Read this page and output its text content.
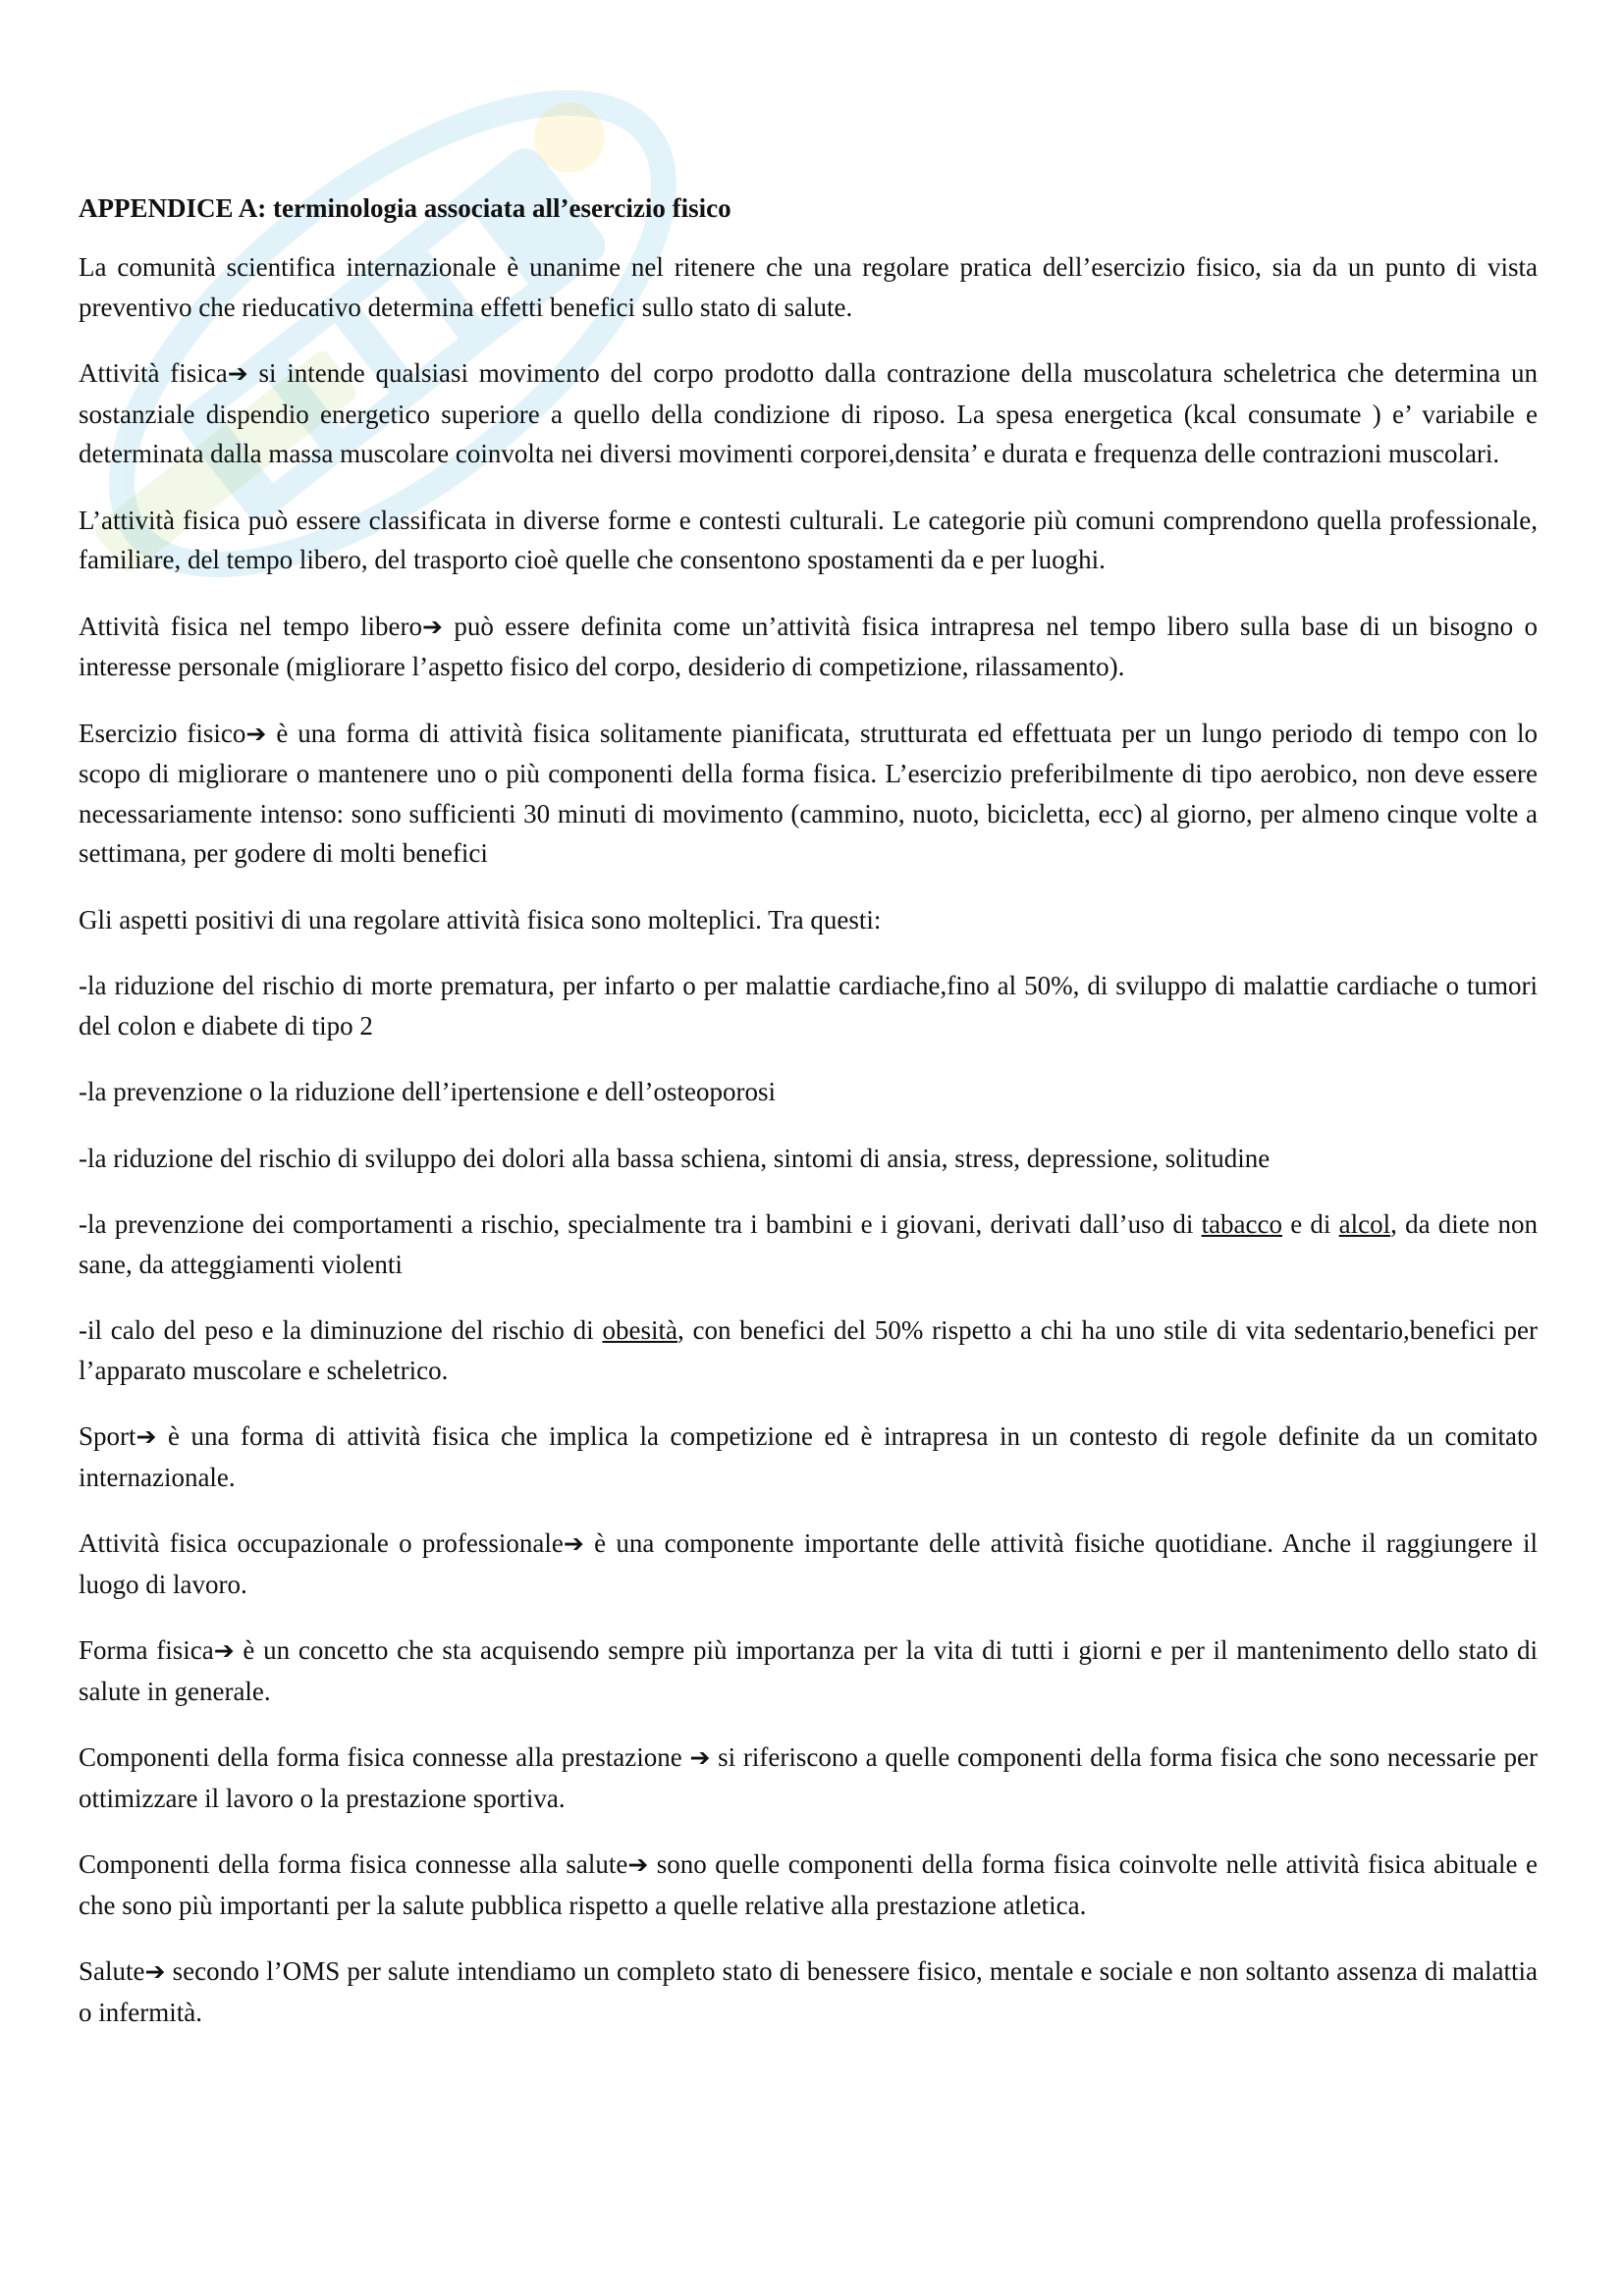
APPENDICE A: terminologia associata all’esercizio fisico

La comunità scientifica internazionale è unanime nel ritenere che una regolare pratica dell’esercizio fisico, sia da un punto di vista preventivo che rieducativo determina effetti benefici sullo stato di salute.

Attività fisica➔ si intende qualsiasi movimento del corpo prodotto dalla contrazione della muscolatura scheletrica che determina un sostanziale dispendio energetico superiore a quello della condizione di riposo. La spesa energetica (kcal consumate ) e’ variabile e determinata dalla massa muscolare coinvolta nei diversi movimenti corporei,densita’ e durata e frequenza delle contrazioni muscolari.

L’attività fisica può essere classificata in diverse forme e contesti culturali. Le categorie più comuni comprendono quella professionale, familiare, del tempo libero, del trasporto cioè quelle che consentono spostamenti da e per luoghi.

Attività fisica nel tempo libero➔ può essere definita come un’attività fisica intrapresa nel tempo libero sulla base di un bisogno o interesse personale (migliorare l’aspetto fisico del corpo, desiderio di competizione, rilassamento).

Esercizio fisico➔ è una forma di attività fisica solitamente pianificata, strutturata ed effettuata per un lungo periodo di tempo con lo scopo di migliorare o mantenere uno o più componenti della forma fisica. L’esercizio preferibilmente di tipo aerobico, non deve essere necessariamente intenso: sono sufficienti 30 minuti di movimento (cammino, nuoto, bicicletta, ecc) al giorno, per almeno cinque volte a settimana, per godere di molti benefici

Gli aspetti positivi di una regolare attività fisica sono molteplici. Tra questi:

-la riduzione del rischio di morte prematura, per infarto o per malattie cardiache,fino al 50%, di sviluppo di malattie cardiache o tumori del colon e diabete di tipo 2

-la prevenzione o la riduzione dell’ipertensione e dell’osteoporosi

-la riduzione del rischio di sviluppo dei dolori alla bassa schiena, sintomi di ansia, stress, depressione, solitudine

-la prevenzione dei comportamenti a rischio, specialmente tra i bambini e i giovani, derivati dall’uso di tabacco e di alcol, da diete non sane, da atteggiamenti violenti

-il calo del peso e la diminuzione del rischio di obesità, con benefici del 50% rispetto a chi ha uno stile di vita sedentario,benefici per l’apparato muscolare e scheletrico.

Sport➔ è una forma di attività fisica che implica la competizione ed è intrapresa in un contesto di regole definite da un comitato internazionale.

Attività fisica occupazionale o professionale➔ è una componente importante delle attività fisiche quotidiane. Anche il raggiungere il luogo di lavoro.

Forma fisica➔ è un concetto che sta acquisendo sempre più importanza per la vita di tutti i giorni e per il mantenimento dello stato di salute in generale.

Componenti della forma fisica connesse alla prestazione ➔ si riferiscono a quelle componenti della forma fisica che sono necessarie per ottimizzare il lavoro o la prestazione sportiva.

Componenti della forma fisica connesse alla salute➔ sono quelle componenti della forma fisica coinvolte nelle attività fisica abituale e che sono più importanti per la salute pubblica rispetto a quelle relative alla prestazione atletica.

Salute➔ secondo l’OMS per salute intendiamo un completo stato di benessere fisico, mentale e sociale e non soltanto assenza di malattia o infermità.
